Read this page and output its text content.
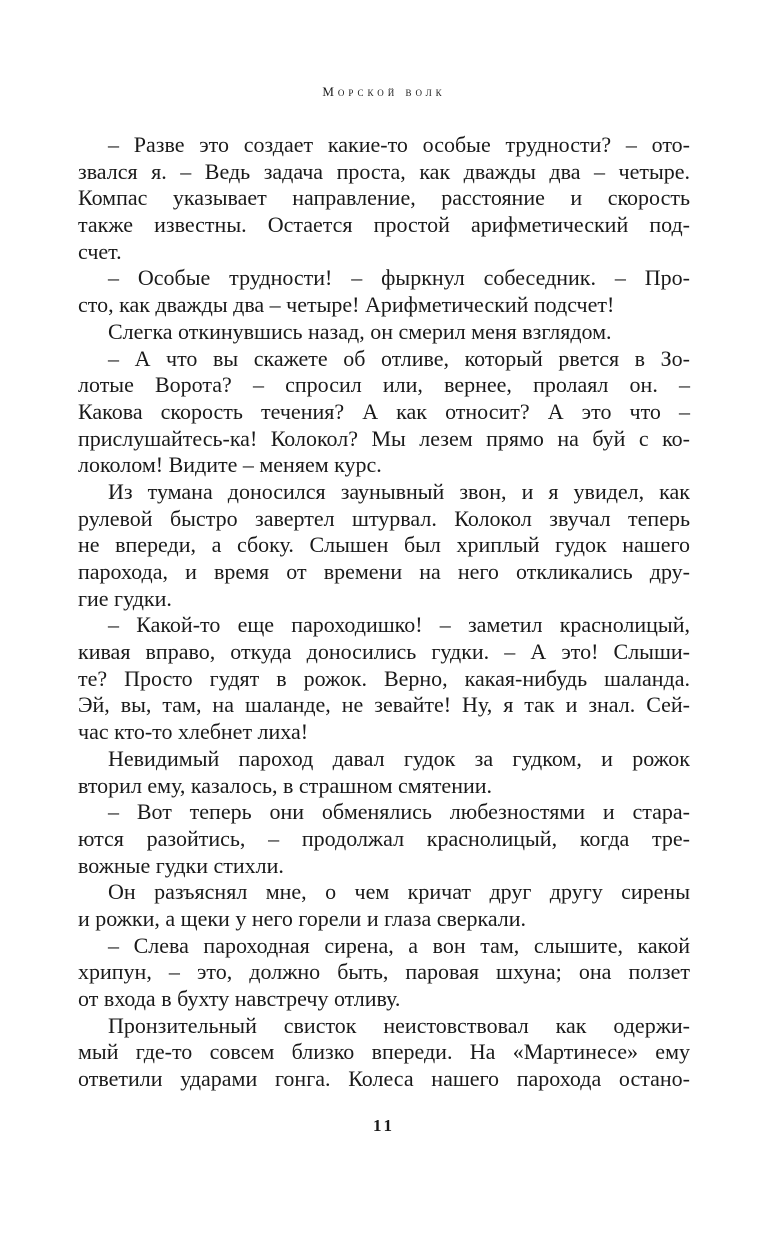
Морской волк
– Разве это создает какие-то особые трудности? – ото-
звался я. – Ведь задача проста, как дважды два – четыре.
Компас указывает направление, расстояние и скорость
также известны. Остается простой арифметический под-
счет.
– Особые трудности! – фыркнул собеседник. – Про-
сто, как дважды два – четыре! Арифметический подсчет!
Слегка откинувшись назад, он смерил меня взглядом.
– А что вы скажете об отливе, который рвется в Зо-
лотые Ворота? – спросил или, вернее, пролаял он. –
Какова скорость течения? А как относит? А это что –
прислушайтесь-ка! Колокол? Мы лезем прямо на буй с ко-
локолом! Видите – меняем курс.
Из тумана доносился заунывный звон, и я увидел, как
рулевой быстро завертел штурвал. Колокол звучал теперь
не впереди, а сбоку. Слышен был хриплый гудок нашего
парохода, и время от времени на него откликались дру-
гие гудки.
– Какой-то еще пароходишко! – заметил краснолицый,
кивая вправо, откуда доносились гудки. – А это! Слыши-
те? Просто гудят в рожок. Верно, какая-нибудь шаланда.
Эй, вы, там, на шаланде, не зевайте! Ну, я так и знал. Сей-
час кто-то хлебнет лиха!
Невидимый пароход давал гудок за гудком, и рожок
вторил ему, казалось, в страшном смятении.
– Вот теперь они обменялись любезностями и стара-
ются разойтись, – продолжал краснолицый, когда тре-
вожные гудки стихли.
Он разъяснял мне, о чем кричат друг другу сирены
и рожки, а щеки у него горели и глаза сверкали.
– Слева пароходная сирена, а вон там, слышите, какой
хрипун, – это, должно быть, паровая шхуна; она ползет
от входа в бухту навстречу отливу.
Пронзительный свисток неистовствовал как одержи-
мый где-то совсем близко впереди. На «Мартинесе» ему
ответили ударами гонга. Колеса нашего парохода остано-
11
